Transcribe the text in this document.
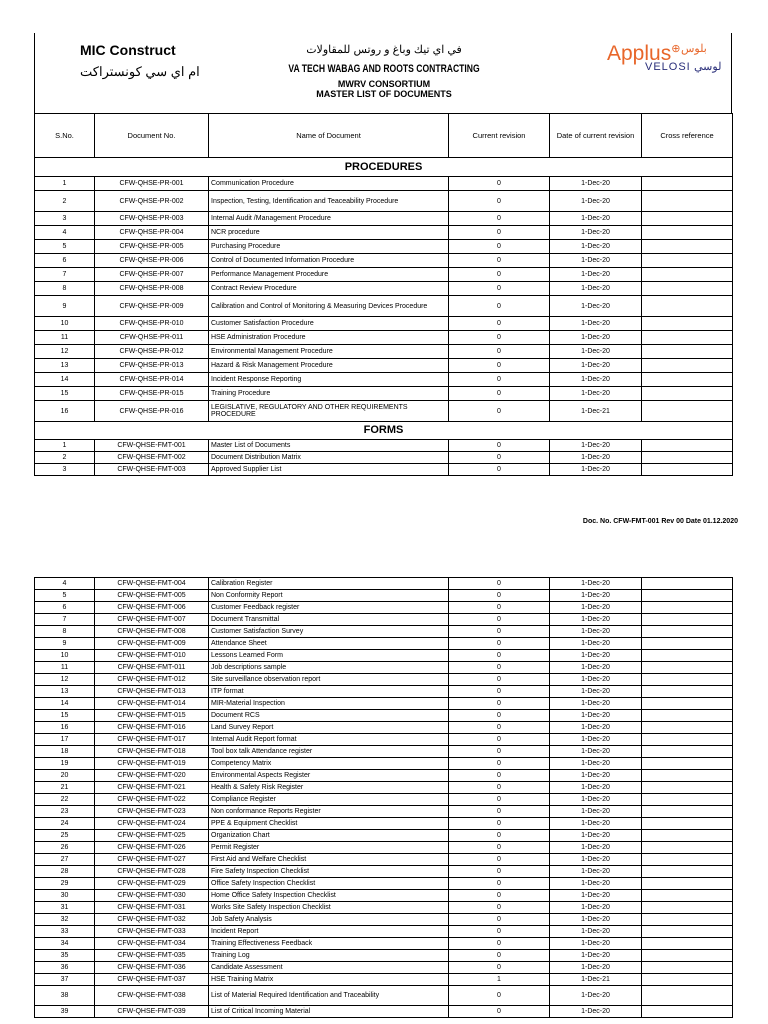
MIC Construct
ام اي سي كونستراكت
في اي تيك وباغ و روتس للمقاولات
VA TECH WABAG AND ROOTS CONTRACTING
MWRV CONSORTIUM
MASTER LIST OF DOCUMENTS
Applus⊕ بلوس
VELOSI لوسي
S.No.	Document No.	Name of Document	Current revision	Date of current revision	Cross reference
PROCEDURES					
1	CFW-QHSE-PR-001	Communication Procedure	0	1-Dec-20	
2	CFW-QHSE-PR-002	Inspection, Testing, Identification and Teaceability Procedure	0	1-Dec-20	
3	CFW-QHSE-PR-003	Internal Audit /Management Procedure	0	1-Dec-20	
4	CFW-QHSE-PR-004	NCR procedure	0	1-Dec-20	
5	CFW-QHSE-PR-005	Purchasing Procedure	0	1-Dec-20	
6	CFW-QHSE-PR-006	Control of Documented Information Procedure	0	1-Dec-20	
7	CFW-QHSE-PR-007	Performance Management Procedure	0	1-Dec-20	
8	CFW-QHSE-PR-008	Contract Review Procedure	0	1-Dec-20	
9	CFW-QHSE-PR-009	Calibration and Control of Monitoring & Measuring Devices Procedure	0	1-Dec-20	
10	CFW-QHSE-PR-010	Customer Satisfaction Procedure	0	1-Dec-20	
11	CFW-QHSE-PR-011	HSE Administration Procedure	0	1-Dec-20	
12	CFW-QHSE-PR-012	Environmental Management Procedure	0	1-Dec-20	
13	CFW-QHSE-PR-013	Hazard & Risk Management Procedure	0	1-Dec-20	
14	CFW-QHSE-PR-014	Incident Response Reporting	0	1-Dec-20	
15	CFW-QHSE-PR-015	Training Procedure	0	1-Dec-20	
16	CFW-QHSE-PR-016	LEGISLATIVE, REGULATORY AND OTHER REQUIREMENTS PROCEDURE	0	1-Dec-21	
FORMS					
1	CFW-QHSE-FMT-001	Master List of Documents	0	1-Dec-20	
2	CFW-QHSE-FMT-002	Document Distribution Matrix	0	1-Dec-20	
3	CFW-QHSE-FMT-003	Approved Supplier List	0	1-Dec-20	
Doc. No. CFW-FMT-001 Rev 00 Date 01.12.2020
4	CFW-QHSE-FMT-004	Calibration Register	0	1-Dec-20	
5	CFW-QHSE-FMT-005	Non Conformity Report	0	1-Dec-20	
6	CFW-QHSE-FMT-006	Customer Feedback register	0	1-Dec-20	
7	CFW-QHSE-FMT-007	Document Transmittal	0	1-Dec-20	
8	CFW-QHSE-FMT-008	Customer Satisfaction Survey	0	1-Dec-20	
9	CFW-QHSE-FMT-009	Attendance Sheet	0	1-Dec-20	
10	CFW-QHSE-FMT-010	Lessons Learned Form	0	1-Dec-20	
11	CFW-QHSE-FMT-011	Job descriptions sample	0	1-Dec-20	
12	CFW-QHSE-FMT-012	Site surveillance observation report	0	1-Dec-20	
13	CFW-QHSE-FMT-013	ITP format	0	1-Dec-20	
14	CFW-QHSE-FMT-014	MIR-Material Inspection	0	1-Dec-20	
15	CFW-QHSE-FMT-015	Document RCS	0	1-Dec-20	
16	CFW-QHSE-FMT-016	Land Survey Report	0	1-Dec-20	
17	CFW-QHSE-FMT-017	Internal Audit Report format	0	1-Dec-20	
18	CFW-QHSE-FMT-018	Tool box talk Attendance register	0	1-Dec-20	
19	CFW-QHSE-FMT-019	Competency Matrix	0	1-Dec-20	
20	CFW-QHSE-FMT-020	Environmental Aspects Register	0	1-Dec-20	
21	CFW-QHSE-FMT-021	Health & Safety Risk Register	0	1-Dec-20	
22	CFW-QHSE-FMT-022	Compliance Register	0	1-Dec-20	
23	CFW-QHSE-FMT-023	Non conformance Reports Register	0	1-Dec-20	
24	CFW-QHSE-FMT-024	PPE & Equipment Checklist	0	1-Dec-20	
25	CFW-QHSE-FMT-025	Organization Chart	0	1-Dec-20	
26	CFW-QHSE-FMT-026	Permit Register	0	1-Dec-20	
27	CFW-QHSE-FMT-027	First Aid and Welfare Checklist	0	1-Dec-20	
28	CFW-QHSE-FMT-028	Fire Safety Inspection Checklist	0	1-Dec-20	
29	CFW-QHSE-FMT-029	Office Safety Inspection Checklist	0	1-Dec-20	
30	CFW-QHSE-FMT-030	Home Office Safety Inspection Checklist	0	1-Dec-20	
31	CFW-QHSE-FMT-031	Works Site Safety Inspection Checklist	0	1-Dec-20	
32	CFW-QHSE-FMT-032	Job Safety Analysis	0	1-Dec-20	
33	CFW-QHSE-FMT-033	Incident Report	0	1-Dec-20	
34	CFW-QHSE-FMT-034	Training Effectiveness Feedback	0	1-Dec-20	
35	CFW-QHSE-FMT-035	Training Log	0	1-Dec-20	
36	CFW-QHSE-FMT-036	Candidate Assessment	0	1-Dec-20	
37	CFW-QHSE-FMT-037	HSE Training Matrix	1	1-Dec-21	
38	CFW-QHSE-FMT-038	List of Material Required Identification and Traceability	0	1-Dec-20	
39	CFW-QHSE-FMT-039	List of Critical Incoming Material	0	1-Dec-20	
